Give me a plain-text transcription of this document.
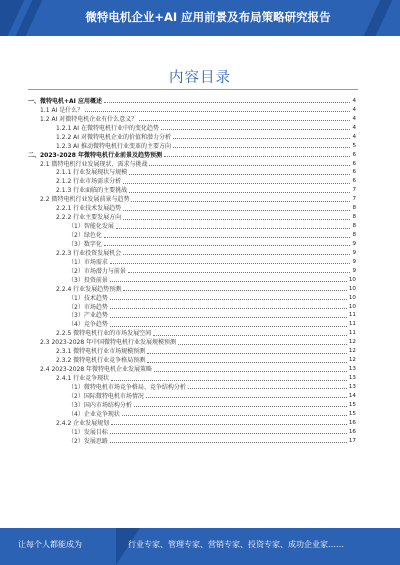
微特电机企业+AI 应用前景及布局策略研究报告
内容目录
一、微特电机+AI 应用概述	4
1.1 AI 是什么？	4
1.2 AI 对微特电机企业有什么意义？	4
1.2.1 AI 在微特电机行业中的变化趋势	4
1.2.2 AI 对微特电机企业的价值和潜力分析	4
1.2.3 AI 推动微特电机行业变革的主要方向	5
二、2023-2028 年微特电机行业前景及趋势预测	6
2.1 微特电机行业发展现状、需求与挑战	6
2.1.1 行业发展现状与规模	6
2.1.2 行业市场需求分析	6
2.1.3 行业面临的主要挑战	7
2.2 微特电机行业发展前景与趋势	7
2.2.1 行业技术发展趋势	8
2.2.2 行业主要发展方向	8
（1）智能化发展	8
（2）绿色化	8
（3）数字化	9
2.2.3 行业投资发展机会	9
（1）市场需求	9
（2）市场潜力与前景	9
（3）投资前景	10
2.2.4 行业发展趋势预测	10
（1）技术趋势	10
（2）市场趋势	10
（3）产业趋势	11
（4）竞争趋势	11
2.2.5 微特电机行业的市场发展空间	11
2.3 2023-2028 年中国微特电机行业发展规模预测	12
2.3.1 微特电机行业市场规模预测	12
2.3.2 微特电机行业竞争格局预测	12
2.4 2023-2028 年微特电机企业发展策略	13
2.4.1 行业竞争现状	13
（1）微特电机市场竞争格局、竞争结构分析	13
（2）国际微特电机市场情况	14
（3）国内市场结构分析	15
（4）企业竞争现状	15
2.4.2 企业发展规划	16
（1）发展目标	16
（2）发展思路	17
让每个人都能成为	行业专家、管理专家、营销专家、投资专家、成功企业家……
